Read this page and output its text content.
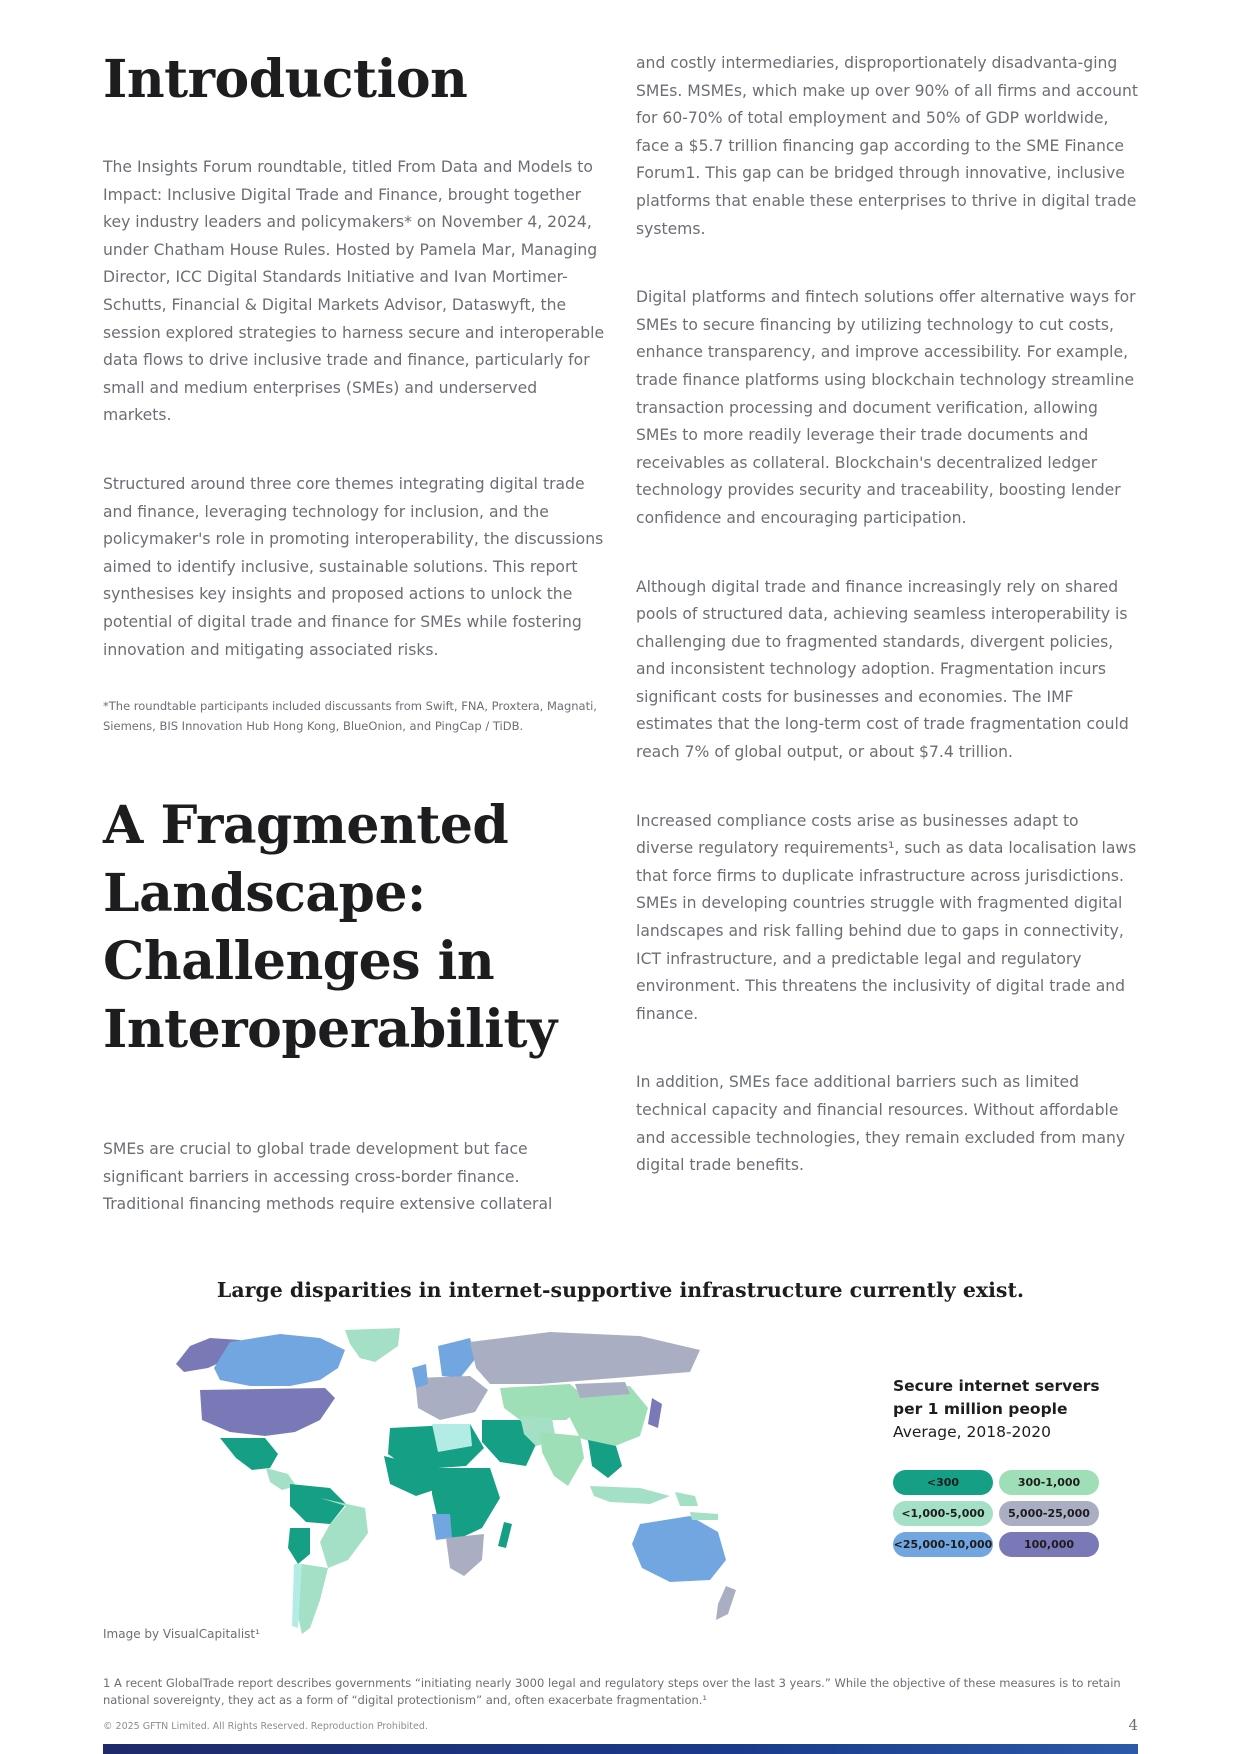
Introduction

The Insights Forum roundtable, titled From Data and Models to Impact: Inclusive Digital Trade and Finance, brought together key industry leaders and policymakers* on November 4, 2024, under Chatham House Rules. Hosted by Pamela Mar, Managing Director, ICC Digital Standards Initiative and Ivan Mortimer-Schutts, Financial & Digital Markets Advisor, Dataswyft, the session explored strategies to harness secure and interoperable data flows to drive inclusive trade and finance, particularly for small and medium enterprises (SMEs) and underserved markets.

Structured around three core themes integrating digital trade and finance, leveraging technology for inclusion, and the policymaker's role in promoting interoperability, the discussions aimed to identify inclusive, sustainable solutions. This report synthesises key insights and proposed actions to unlock the potential of digital trade and finance for SMEs while fostering innovation and mitigating associated risks.

*The roundtable participants included discussants from Swift, FNA, Proxtera, Magnati, Siemens, BIS Innovation Hub Hong Kong, BlueOnion, and PingCap / TiDB.

A Fragmented Landscape: Challenges in Interoperability

SMEs are crucial to global trade development but face significant barriers in accessing cross-border finance. Traditional financing methods require extensive collateral

and costly intermediaries, disproportionately disadvanta-ging SMEs. MSMEs, which make up over 90% of all firms and account for 60-70% of total employment and 50% of GDP worldwide, face a $5.7 trillion financing gap according to the SME Finance Forum1. This gap can be bridged through innovative, inclusive platforms that enable these enterprises to thrive in digital trade systems.

Digital platforms and fintech solutions offer alternative ways for SMEs to secure financing by utilizing technology to cut costs, enhance transparency, and improve accessibility. For example, trade finance platforms using blockchain technology streamline transaction processing and document verification, allowing SMEs to more readily leverage their trade documents and receivables as collateral. Blockchain's decentralized ledger technology provides security and traceability, boosting lender confidence and encouraging participation.

Although digital trade and finance increasingly rely on shared pools of structured data, achieving seamless interoperability is challenging due to fragmented standards, divergent policies, and inconsistent technology adoption. Fragmentation incurs significant costs for businesses and economies. The IMF estimates that the long-term cost of trade fragmentation could reach 7% of global output, or about $7.4 trillion.

Increased compliance costs arise as businesses adapt to diverse regulatory requirements¹, such as data localisation laws that force firms to duplicate infrastructure across jurisdictions. SMEs in developing countries struggle with fragmented digital landscapes and risk falling behind due to gaps in connectivity, ICT infrastructure, and a predictable legal and regulatory environment. This threatens the inclusivity of digital trade and finance.

In addition, SMEs face additional barriers such as limited technical capacity and financial resources. Without affordable and accessible technologies, they remain excluded from many digital trade benefits.

Large disparities in internet-supportive infrastructure currently exist.
Secure internet servers
per 1 million people
Average, 2018-2020
<300	300-1,000
<1,000-5,000	5,000-25,000
<25,000-10,000	100,000
Image by VisualCapitalist¹
1 A recent GlobalTrade report describes governments “initiating nearly 3000 legal and regulatory steps over the last 3 years.” While the objective of these measures is to retain national sovereignty, they act as a form of “digital protectionism” and, often exacerbate fragmentation.¹
© 2025 GFTN Limited. All Rights Reserved. Reproduction Prohibited.	4
